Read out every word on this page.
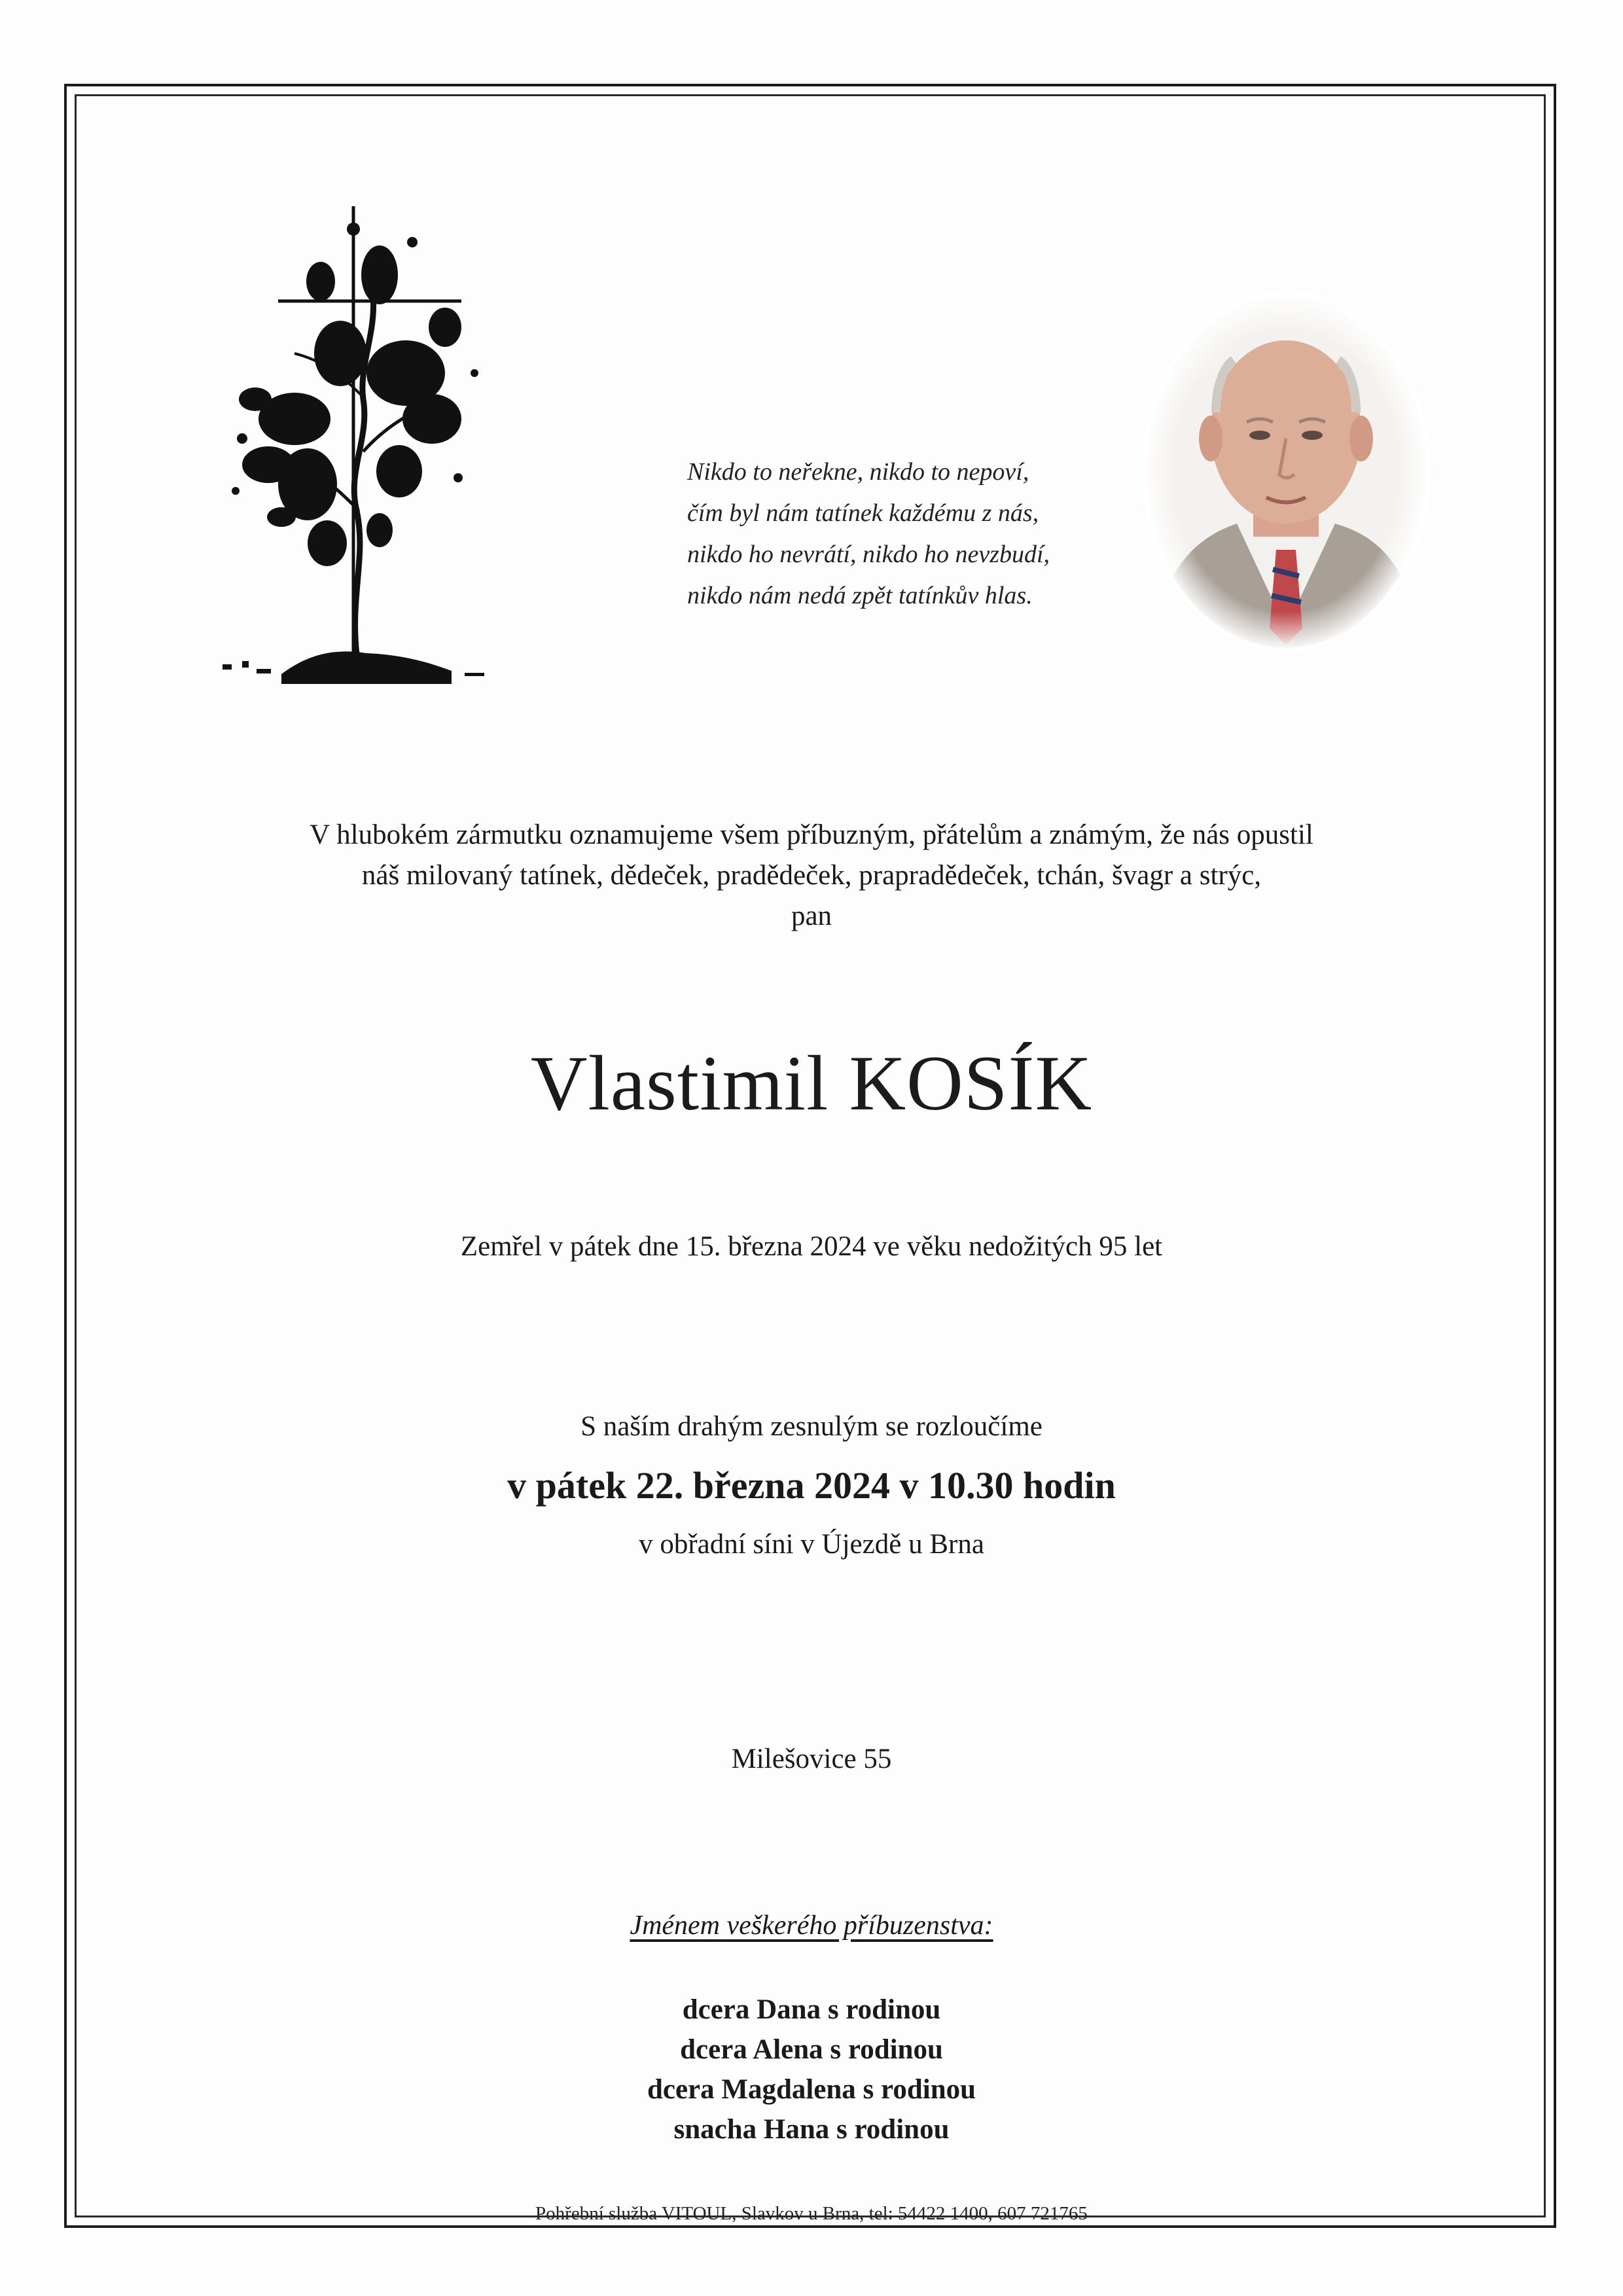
Nikdo to neřekne, nikdo to nepoví,
čím byl nám tatínek každému z nás,
nikdo ho nevrátí, nikdo ho nevzbudí,
nikdo nám nedá zpět tatínkův hlas.
V hlubokém zármutku oznamujeme všem příbuzným, přátelům a známým, že nás opustil
náš milovaný tatínek, dědeček, pradědeček, prapradědeček, tchán, švagr a strýc,
pan
Vlastimil KOSÍK
Zemřel v pátek dne 15. března 2024 ve věku nedožitých 95 let
S naším drahým zesnulým se rozloučíme
v pátek 22. března 2024 v 10.30 hodin
v obřadní síni v Újezdě u Brna
Milešovice 55
Jménem veškerého příbuzenstva:
dcera Dana s rodinou
dcera Alena s rodinou
dcera Magdalena s rodinou
snacha Hana s rodinou
Pohřební služba VITOUL, Slavkov u Brna, tel: 54422 1400, 607 721765
